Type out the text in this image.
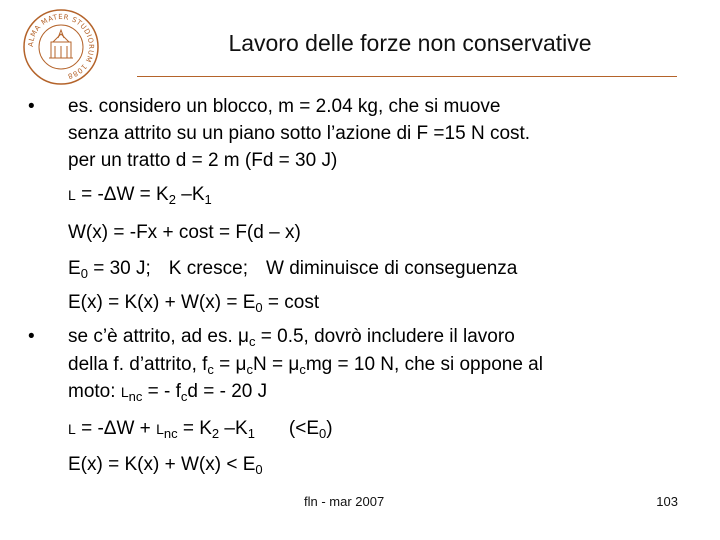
ALMA MATER STUDIORUM 1088
Lavoro delle forze non conservative
• es. considero un blocco, m = 2.04 kg, che si muove
senza attrito su un piano sotto l’azione di F =15 N cost.
per un tratto d = 2 m (Fd = 30 J)
$L = -\Delta W = K_2$ $-K_1$
W(x) = -Fx + cost = F(d – x)
$E_0 = 30$ J; K cresce; W diminuisce di conseguenza
$E(x) = K(x) + W(x) = E_0 = \cos t$
• se c’è attrito, ad es. $\mu_c = 0.5$, dovrò includere il lavoro
della f. d’attrito, $f_c = \mu_cN = \mu_cmg = 10$ N, che si oppone al
moto: $L_{nc}$ = - $f_cd$ = - 20 J
$L = -\Delta W + L_{nc} = K_2$ $-K_1$ $(<E_0)$
$E(x) = K(x) + W(x) < E_0$
fln - mar 2007	103
